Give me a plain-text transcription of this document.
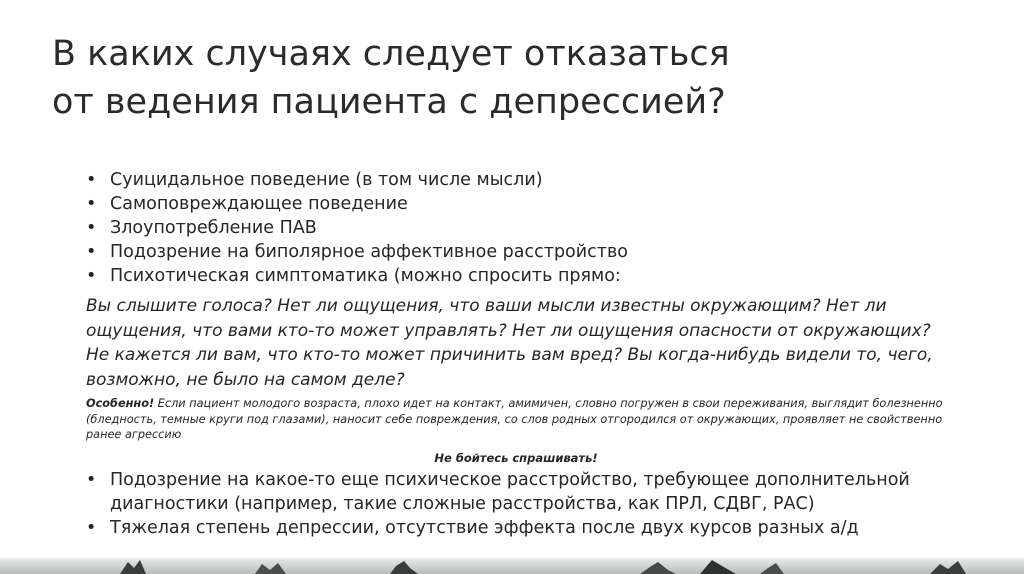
В каких случаях следует отказаться
от ведения пациента с депрессией?
• Суицидальное поведение (в том числе мысли)
• Самоповреждающее поведение
• Злоупотребление ПАВ
• Подозрение на биполярное аффективное расстройство
• Психотическая симптоматика (можно спросить прямо:

Вы слышите голоса? Нет ли ощущения, что ваши мысли известны окружающим? Нет ли ощущения, что вами кто-то может управлять? Нет ли ощущения опасности от окружающих? Не кажется ли вам, что кто-то может причинить вам вред? Вы когда-нибудь видели то, чего, возможно, не было на самом деле?

Особенно! Если пациент молодого возраста, плохо идет на контакт, амимичен, словно погружен в свои переживания, выглядит болезненно (бледность, темные круги под глазами), наносит себе повреждения, со слов родных отгородился от окружающих, проявляет не свойственно ранее агрессию

Не бойтесь спрашивать!

• Подозрение на какое-то еще психическое расстройство, требующее дополнительной диагностики (например, такие сложные расстройства, как ПРЛ, СДВГ, РАС)
• Тяжелая степень депрессии, отсутствие эффекта после двух курсов разных а/д
